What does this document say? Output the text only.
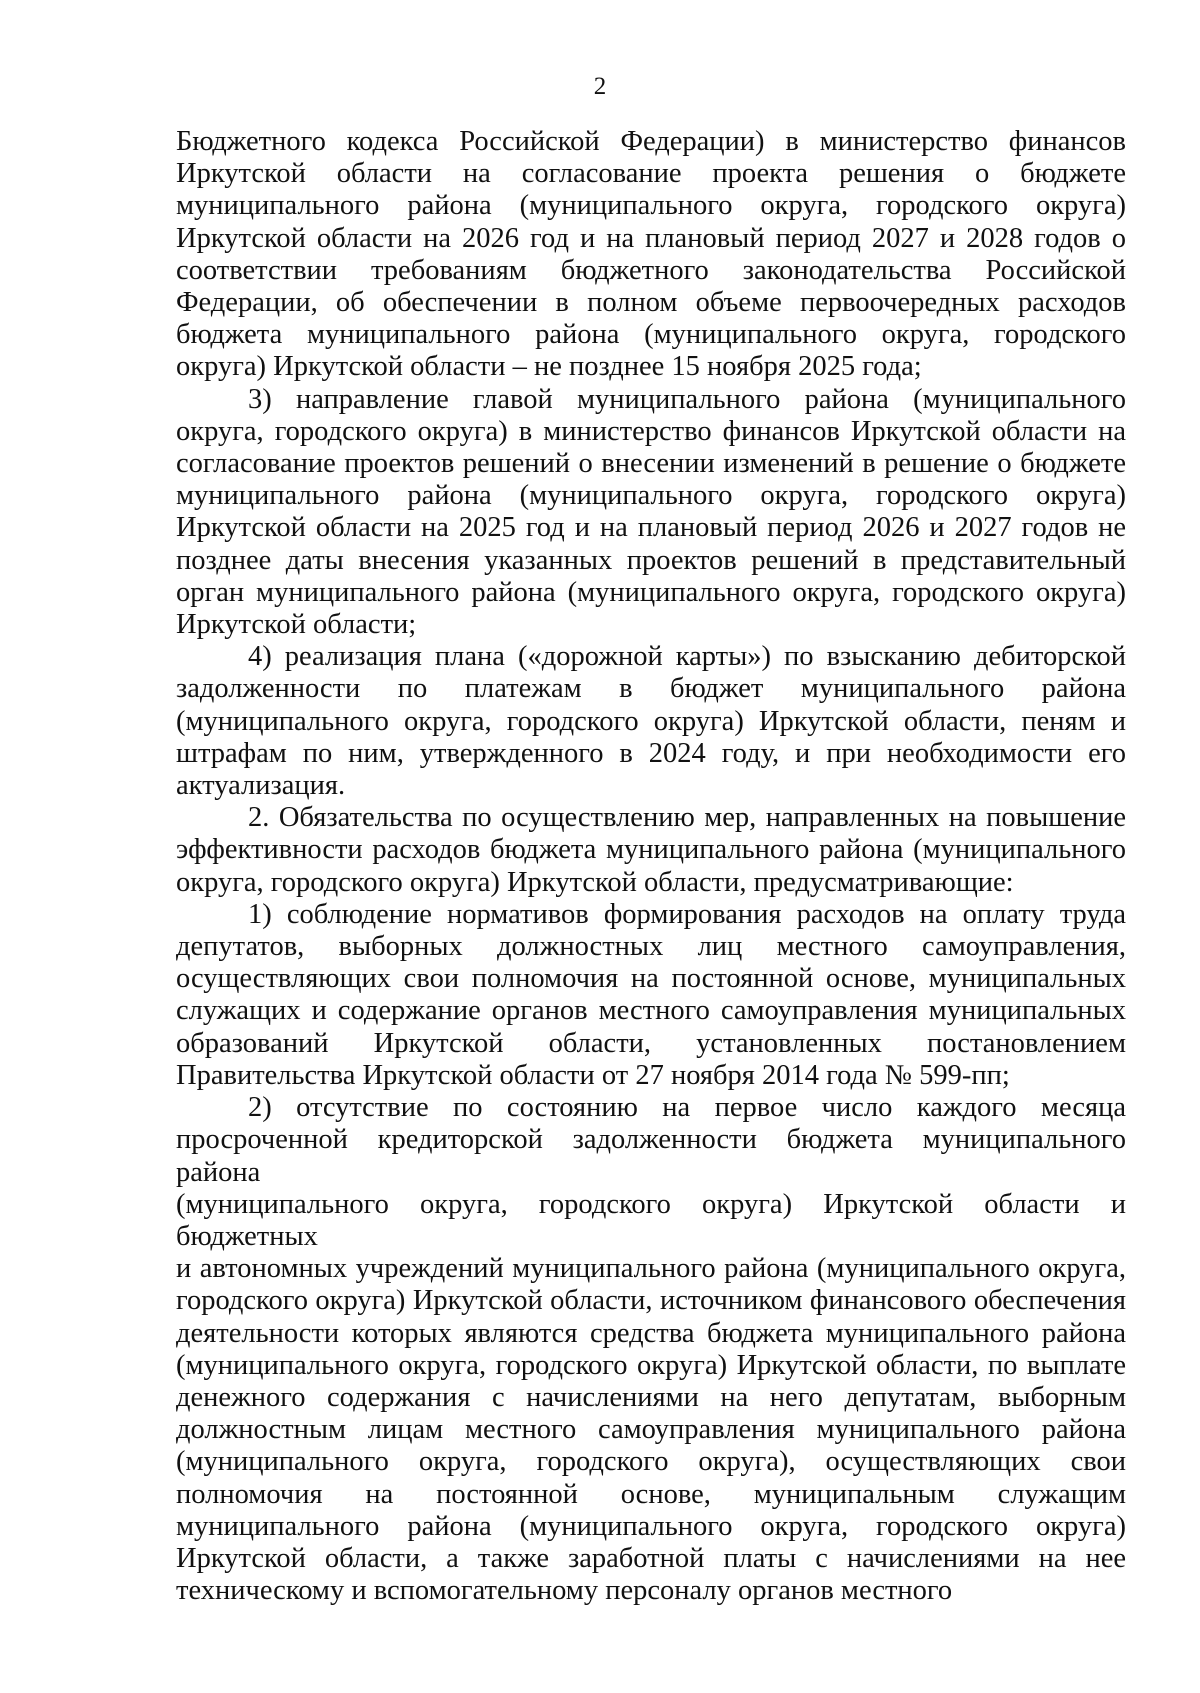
2
Бюджетного кодекса Российской Федерации) в министерство финансов
Иркутской области на согласование проекта решения о бюджете
муниципального района (муниципального округа, городского округа)
Иркутской области на 2026 год и на плановый период 2027 и 2028 годов о
соответствии требованиям бюджетного законодательства Российской
Федерации, об обеспечении в полном объеме первоочередных расходов
бюджета муниципального района (муниципального округа, городского
округа) Иркутской области – не позднее 15 ноября 2025 года;
3) направление главой муниципального района (муниципального
округа, городского округа) в министерство финансов Иркутской области на
согласование проектов решений о внесении изменений в решение о бюджете
муниципального района (муниципального округа, городского округа)
Иркутской области на 2025 год и на плановый период 2026 и 2027 годов не
позднее даты внесения указанных проектов решений в представительный
орган муниципального района (муниципального округа, городского округа)
Иркутской области;
4) реализация плана («дорожной карты») по взысканию дебиторской
задолженности по платежам в бюджет муниципального района
(муниципального округа, городского округа) Иркутской области, пеням и
штрафам по ним, утвержденного в 2024 году, и при необходимости его
актуализация.
2. Обязательства по осуществлению мер, направленных на повышение
эффективности расходов бюджета муниципального района (муниципального
округа, городского округа) Иркутской области, предусматривающие:
1) соблюдение нормативов формирования расходов на оплату труда
депутатов, выборных должностных лиц местного самоуправления,
осуществляющих свои полномочия на постоянной основе, муниципальных
служащих и содержание органов местного самоуправления муниципальных
образований Иркутской области, установленных постановлением
Правительства Иркутской области от 27 ноября 2014 года № 599-пп;
2) отсутствие по состоянию на первое число каждого месяца
просроченной кредиторской задолженности бюджета муниципального района
(муниципального округа, городского округа) Иркутской области и бюджетных
и автономных учреждений муниципального района (муниципального округа,
городского округа) Иркутской области, источником финансового обеспечения
деятельности которых являются средства бюджета муниципального района
(муниципального округа, городского округа) Иркутской области, по выплате
денежного содержания с начислениями на него депутатам, выборным
должностным лицам местного самоуправления муниципального района
(муниципального округа, городского округа), осуществляющих свои
полномочия на постоянной основе, муниципальным служащим
муниципального района (муниципального округа, городского округа)
Иркутской области, а также заработной платы с начислениями на нее
техническому и вспомогательному персоналу органов местного
